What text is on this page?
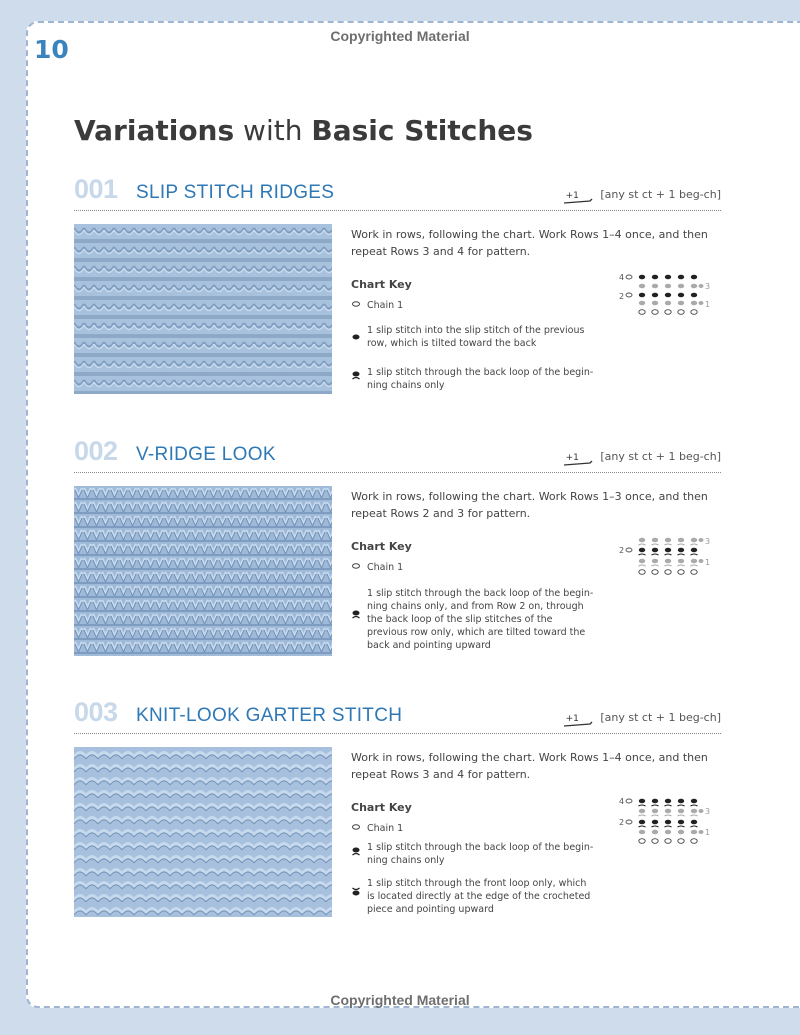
10	Copyrighted Material
Copyrighted Material
Variations with Basic Stitches
001 SLIP STITCH RIDGES	+1 [any st ct + 1 beg-ch]
Work in rows, following the chart. Work Rows 1–4 once, and then repeat Rows 3 and 4 for pattern.
Chart Key
Chain 1
1 slip stitch into the slip stitch of the previous row, which is tilted toward the back
1 slip stitch through the back loop of the beginning chains only
4
2
3
1
002 V-RIDGE LOOK	+1 [any st ct + 1 beg-ch]
Work in rows, following the chart. Work Rows 1–3 once, and then repeat Rows 2 and 3 for pattern.
Chart Key
Chain 1
1 slip stitch through the back loop of the beginning chains only, and from Row 2 on, through the back loop of the slip stitches of the previous row only, which are tilted toward the back and pointing upward
3
2
1
003 KNIT-LOOK GARTER STITCH	+1 [any st ct + 1 beg-ch]
Work in rows, following the chart. Work Rows 1–4 once, and then repeat Rows 3 and 4 for pattern.
Chart Key
Chain 1
1 slip stitch through the back loop of the beginning chains only
1 slip stitch through the front loop only, which is located directly at the edge of the crocheted piece and pointing upward
4
3
2
1
